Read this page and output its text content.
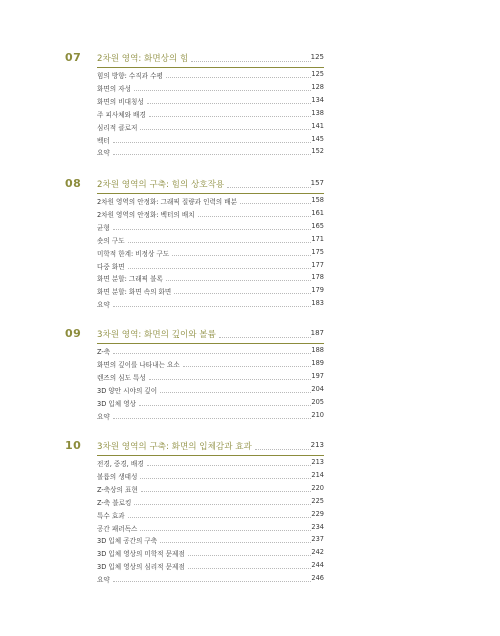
07 2차원 영역: 화면상의 힘	125
힘의 방향: 수직과 수평	125
화면의 자성	128
화면의 비대칭성	134
주 피사체와 배경	138
심리적 클로저	141
벡터	145
요약	152
08 2차원 영역의 구축: 힘의 상호작용	157
2차원 영역의 안정화: 그래픽 질량과 인력의 배분	158
2차원 영역의 안정화: 벡터의 배치	161
균형	165
숏의 구도	171
미학적 한계: 비정상 구도	175
다중 화면	177
화면 분할: 그래픽 블록	178
화면 분할: 화면 속의 화면	179
요약	183
09 3차원 영역: 화면의 깊이와 볼륨	187
Z-축	188
화면의 깊이를 나타내는 요소	189
렌즈의 심도 특성	197
3D 양안 시야의 깊이	204
3D 입체 영상	205
요약	210
10 3차원 영역의 구축: 화면의 입체감과 효과	213
전경, 중경, 배경	213
볼륨의 생태성	214
Z-축상의 표현	220
Z-축 블로킹	225
특수 효과	229
공간 패러독스	234
3D 입체 공간의 구축	237
3D 입체 영상의 미학적 문제점	242
3D 입체 영상의 심리적 문제점	244
요약	246
